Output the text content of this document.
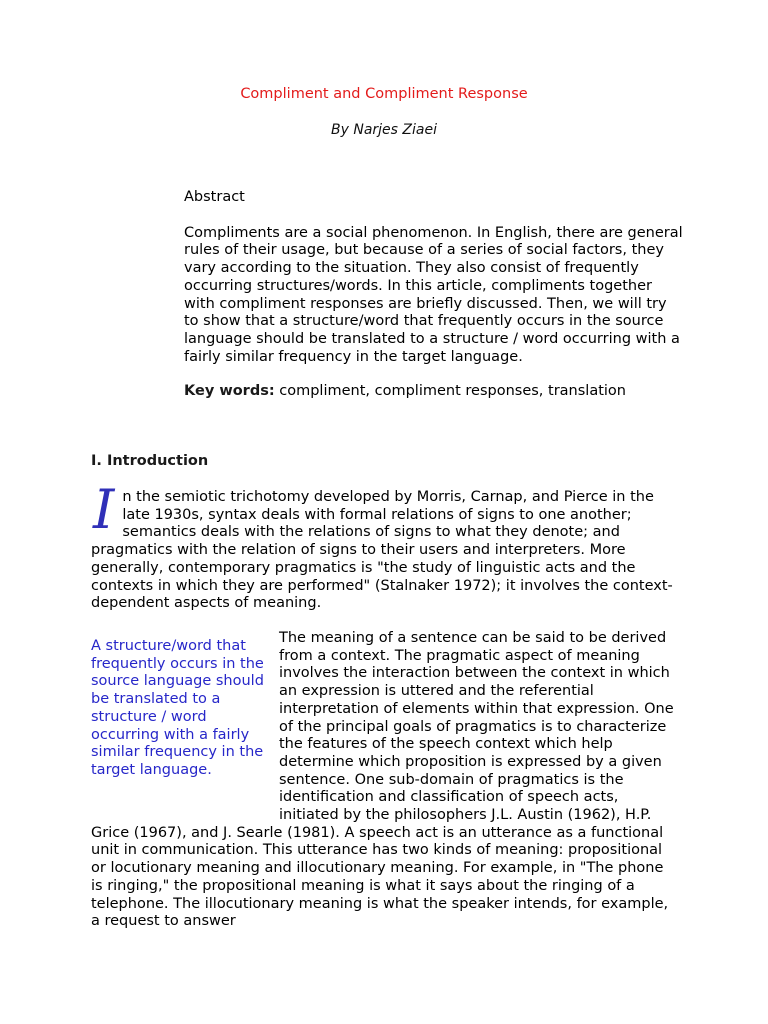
Compliment and Compliment Response
By Narjes Ziaei
Abstract

Compliments are a social phenomenon. In English, there are general rules of their usage, but because of a series of social factors, they vary according to the situation. They also consist of frequently occurring structures/words. In this article, compliments together with compliment responses are briefly discussed. Then, we will try to show that a structure/word that frequently occurs in the source language should be translated to a structure / word occurring with a fairly similar frequency in the target language.

Key words: compliment, compliment responses, translation

I. Introduction

In the semiotic trichotomy developed by Morris, Carnap, and Pierce in the late 1930s, syntax deals with formal relations of signs to one another; semantics deals with the relations of signs to what they denote; and pragmatics with the relation of signs to their users and interpreters. More generally, contemporary pragmatics is "the study of linguistic acts and the contexts in which they are performed" (Stalnaker 1972); it involves the context-dependent aspects of meaning.

A structure/word that frequently occurs in the source language should be translated to a structure / word occurring with a fairly similar frequency in the target language.

The meaning of a sentence can be said to be derived from a context. The pragmatic aspect of meaning involves the interaction between the context in which an expression is uttered and the referential interpretation of elements within that expression. One of the principal goals of pragmatics is to characterize the features of the speech context which help determine which proposition is expressed by a given sentence. One sub-domain of pragmatics is the identification and classification of speech acts, initiated by the philosophers J.L. Austin (1962), H.P. Grice (1967), and J. Searle (1981). A speech act is an utterance as a functional unit in communication. This utterance has two kinds of meaning: propositional or locutionary meaning and illocutionary meaning. For example, in "The phone is ringing," the propositional meaning is what it says about the ringing of a telephone. The illocutionary meaning is what the speaker intends, for example, a request to answer
